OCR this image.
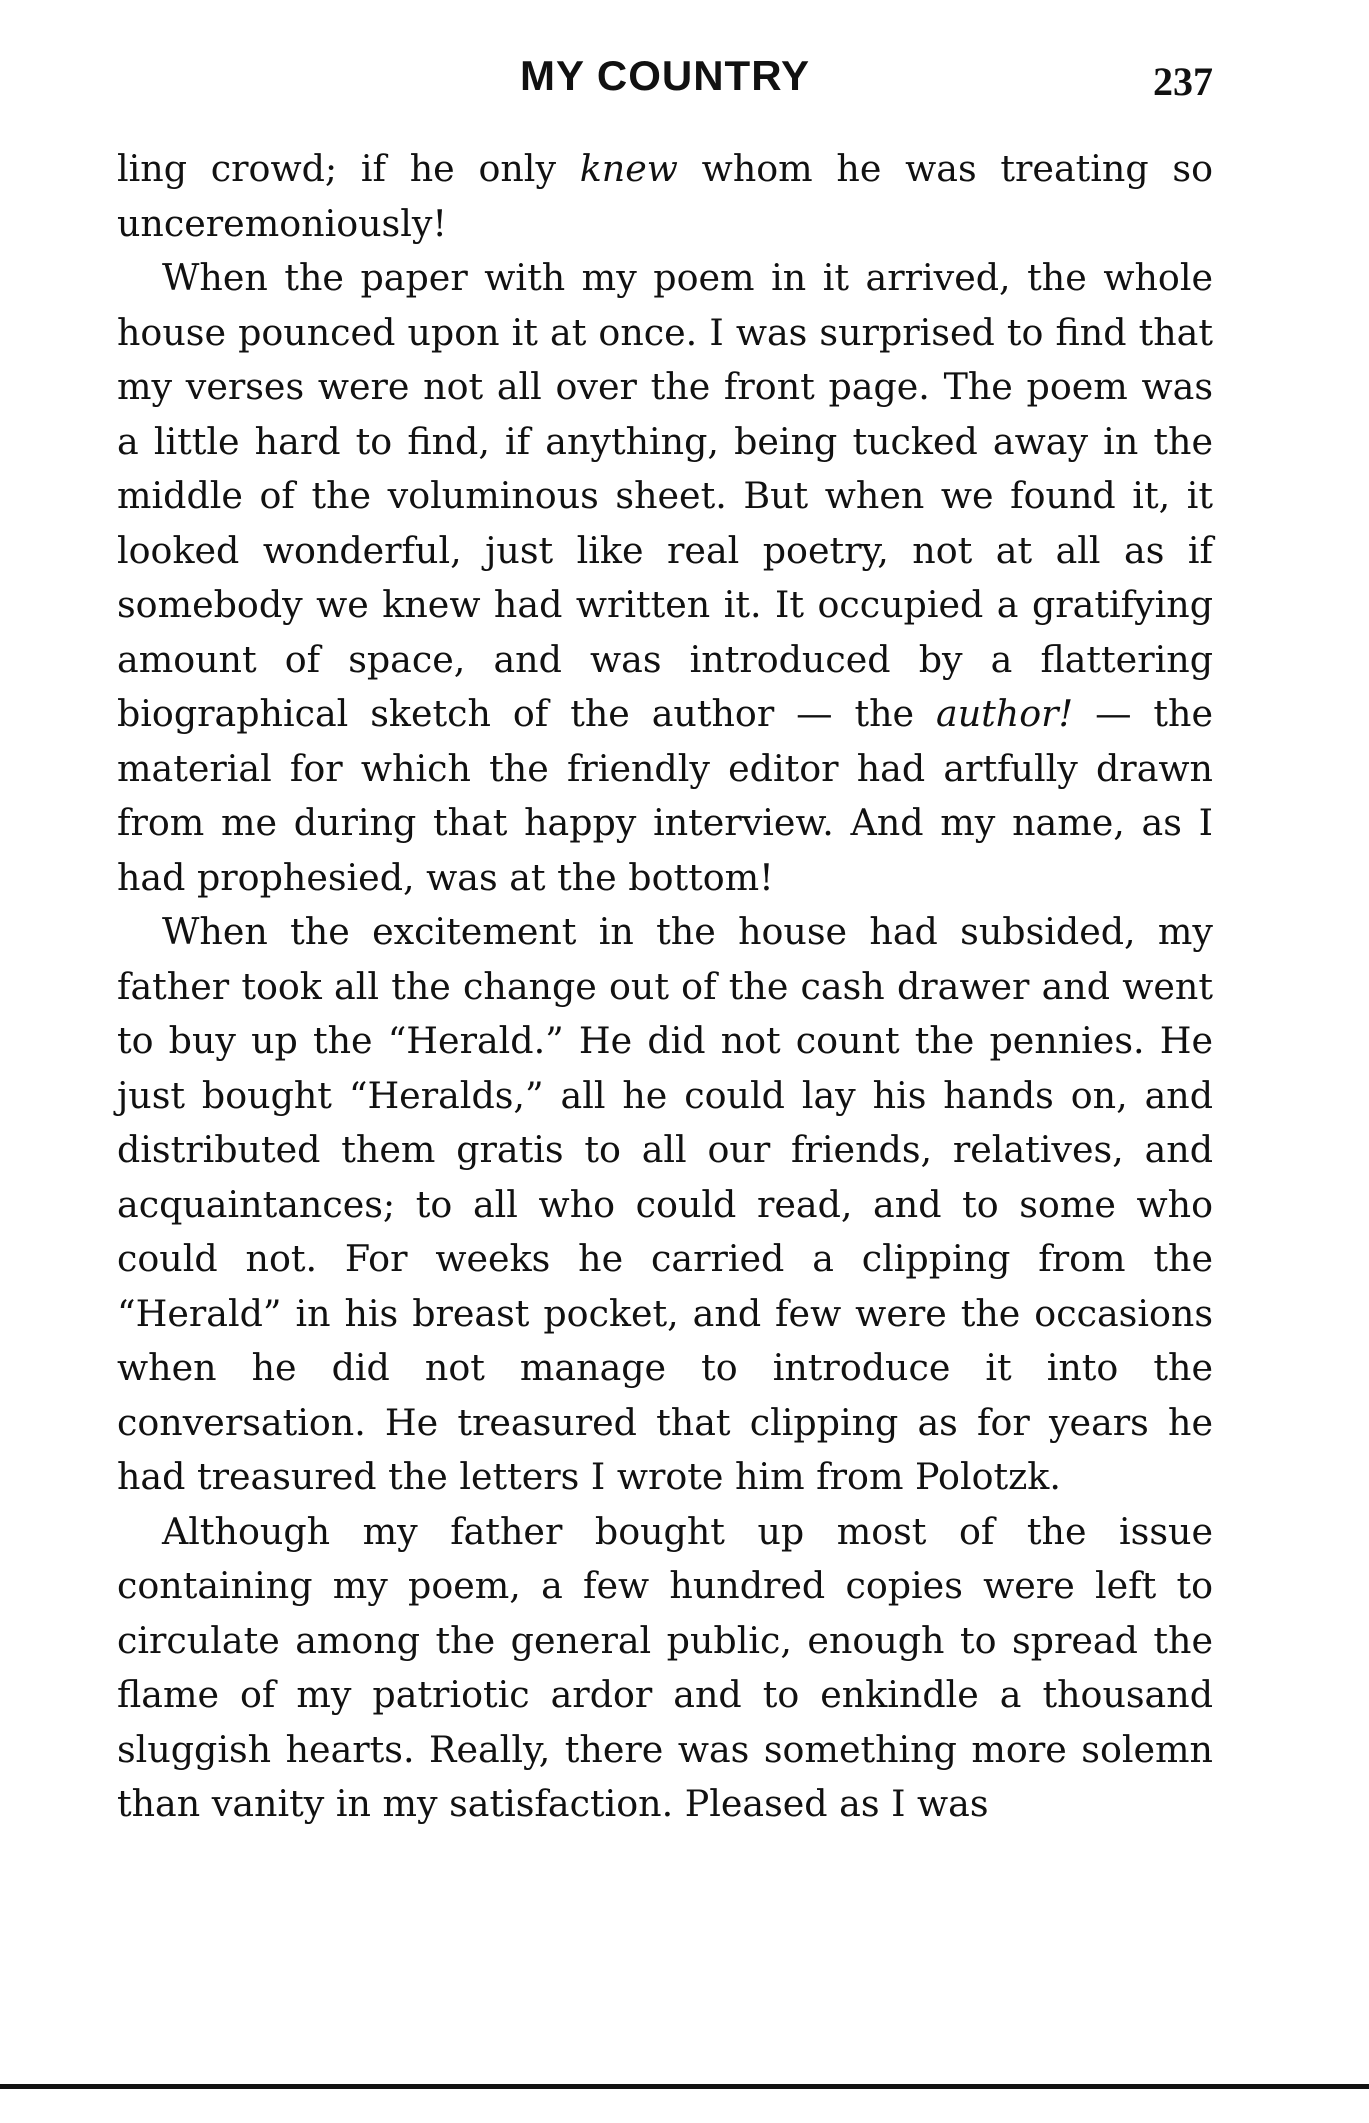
MY COUNTRY	237

ling crowd; if he only knew whom he was treating so unceremoniously!

When the paper with my poem in it arrived, the whole house pounced upon it at once. I was surprised to find that my verses were not all over the front page. The poem was a little hard to find, if anything, being tucked away in the middle of the voluminous sheet. But when we found it, it looked wonderful, just like real poetry, not at all as if somebody we knew had written it. It occupied a gratifying amount of space, and was introduced by a flattering biographical sketch of the author — the author! — the material for which the friendly editor had artfully drawn from me during that happy interview. And my name, as I had prophesied, was at the bottom!

When the excitement in the house had subsided, my father took all the change out of the cash drawer and went to buy up the “Herald.” He did not count the pennies. He just bought “Heralds,” all he could lay his hands on, and distributed them gratis to all our friends, relatives, and acquaintances; to all who could read, and to some who could not. For weeks he carried a clipping from the “Herald” in his breast pocket, and few were the occasions when he did not manage to introduce it into the conversation. He treasured that clipping as for years he had treasured the letters I wrote him from Polotzk.

Although my father bought up most of the issue containing my poem, a few hundred copies were left to circulate among the general public, enough to spread the flame of my patriotic ardor and to enkindle a thousand sluggish hearts. Really, there was something more solemn than vanity in my satisfaction. Pleased as I was
